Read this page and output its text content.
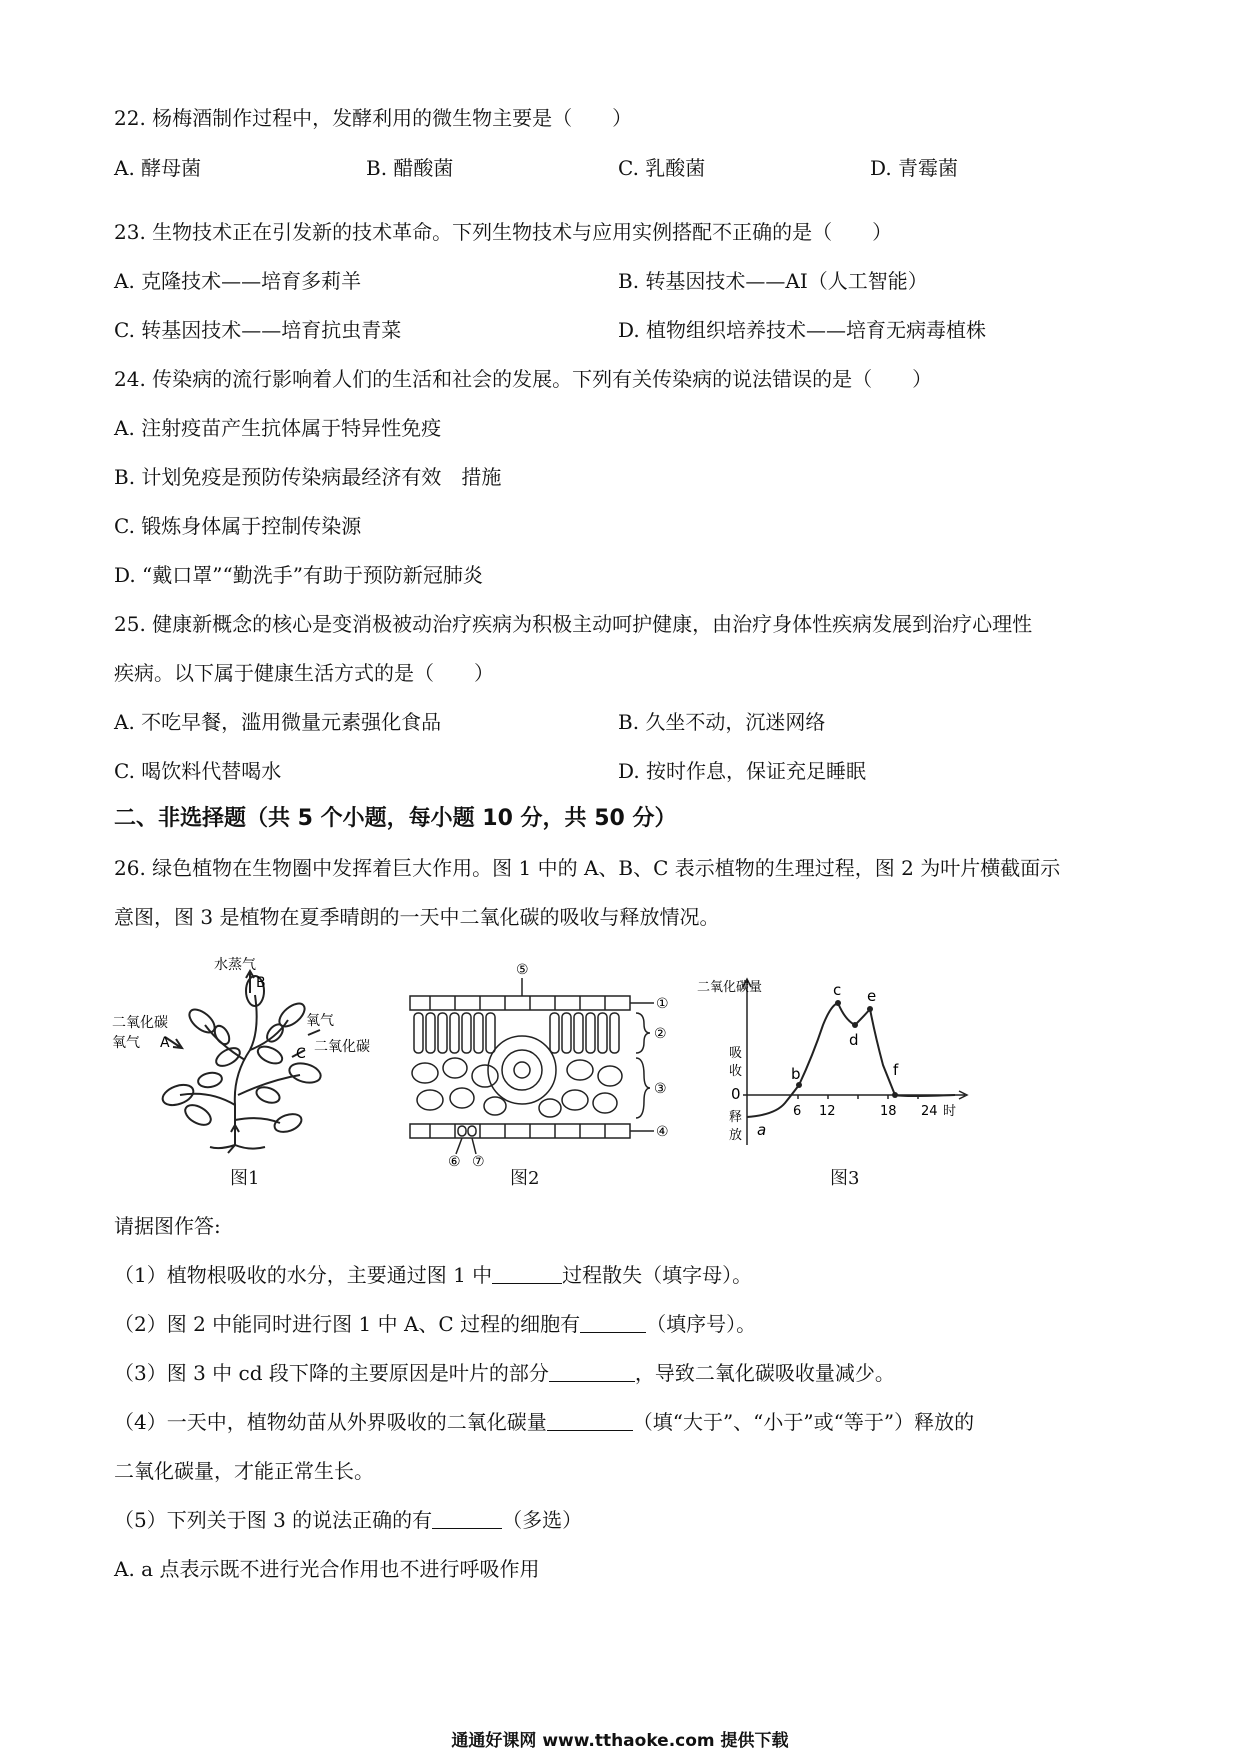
22. 杨梅酒制作过程中，发酵利用的微生物主要是（　　）
A. 酵母菌	B. 醋酸菌	C. 乳酸菌	D. 青霉菌
23. 生物技术正在引发新的技术革命。下列生物技术与应用实例搭配不正确的是（　　）
A. 克隆技术——培育多莉羊	B. 转基因技术——AI（人工智能）
C. 转基因技术——培育抗虫青菜	D. 植物组织培养技术——培育无病毒植株
24. 传染病的流行影响着人们的生活和社会的发展。下列有关传染病的说法错误的是（　　）
A. 注射疫苗产生抗体属于特异性免疫
B. 计划免疫是预防传染病最经济有效　措施
C. 锻炼身体属于控制传染源
D. “戴口罩”“勤洗手”有助于预防新冠肺炎
25. 健康新概念的核心是变消极被动治疗疾病为积极主动呵护健康，由治疗身体性疾病发展到治疗心理性
疾病。以下属于健康生活方式的是（　　）
A. 不吃早餐，滥用微量元素强化食品	B. 久坐不动，沉迷网络
C. 喝饮料代替喝水	D. 按时作息，保证充足睡眠
二、非选择题（共 5 个小题，每小题 10 分，共 50 分）
26. 绿色植物在生物圈中发挥着巨大作用。图 1 中的 A、B、C 表示植物的生理过程，图 2 为叶片横截面示
意图，图 3 是植物在夏季晴朗的一天中二氧化碳的吸收与释放情况。
水蒸气
B
二氧化碳
氧气 A
氧气
C 二氧化碳
图1
⑤
①
②
③
④
⑥ ⑦
图2
二氧化碳量
吸
收
0
释
放
6 12	18 24 时
a
b
c
d
e
f
图3
请据图作答:
（1）植物根吸收的水分，主要通过图 1 中	过程散失（填字母）。
（2）图 2 中能同时进行图 1 中 A、C 过程的细胞有	（填序号）。
（3）图 3 中 cd 段下降的主要原因是叶片的部分	，导致二氧化碳吸收量减少。
（4）一天中，植物幼苗从外界吸收的二氧化碳量	（填“大于”、“小于”或“等于”）释放的
二氧化碳量，才能正常生长。
（5）下列关于图 3 的说法正确的有	（多选）
A. a 点表示既不进行光合作用也不进行呼吸作用
通通好课网 www.tthaoke.com 提供下载
